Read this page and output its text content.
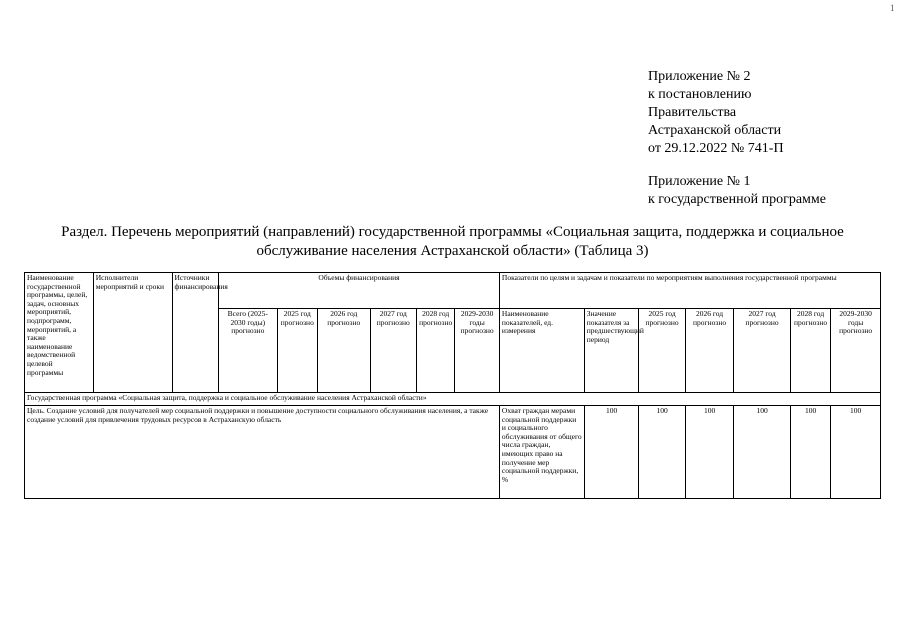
1
Приложение № 2
к постановлению
Правительства
Астраханской области
от 29.12.2022 № 741-П
Приложение № 1
к государственной программе
Раздел. Перечень мероприятий (направлений) государственной программы «Социальная защита, поддержка и социальное обслуживание населения Астраханской области» (Таблица 3)
Наименование государственной программы, целей, задач, основных мероприятий, подпрограмм, мероприятий, а также наименование ведомственной целевой программы	Исполнители мероприятий и сроки	Источники финансирования	Объемы финансирования						Показатели по целям и задачам и показатели по мероприятиям выполнения государственной программы						
			Всего (2025-2030 годы) прогнозно	2025 год прогнозно	2026 год прогнозно	2027 год прогнозно	2028 год прогнозно	2029-2030 годы прогнозно	Наименование показателей, ед. измерения	Значение показателя за предшествующий период	2025 год прогнозно	2026 год прогнозно	2027 год прогнозно	2028 год прогнозно	2029-2030 годы прогнозно
Государственная программа «Социальная защита, поддержка и социальное обслуживание населения Астраханской области»															
Цель. Создание условий для получателей мер социальной поддержки и повышение доступности социального обслуживания населения, а также создание условий для привлечения трудовых ресурсов в Астраханскую область									Охват граждан мерами социальной поддержки и социального обслуживания от общего числа граждан, имеющих право на получение мер социальной поддержки, %	100	100	100	100	100	100
